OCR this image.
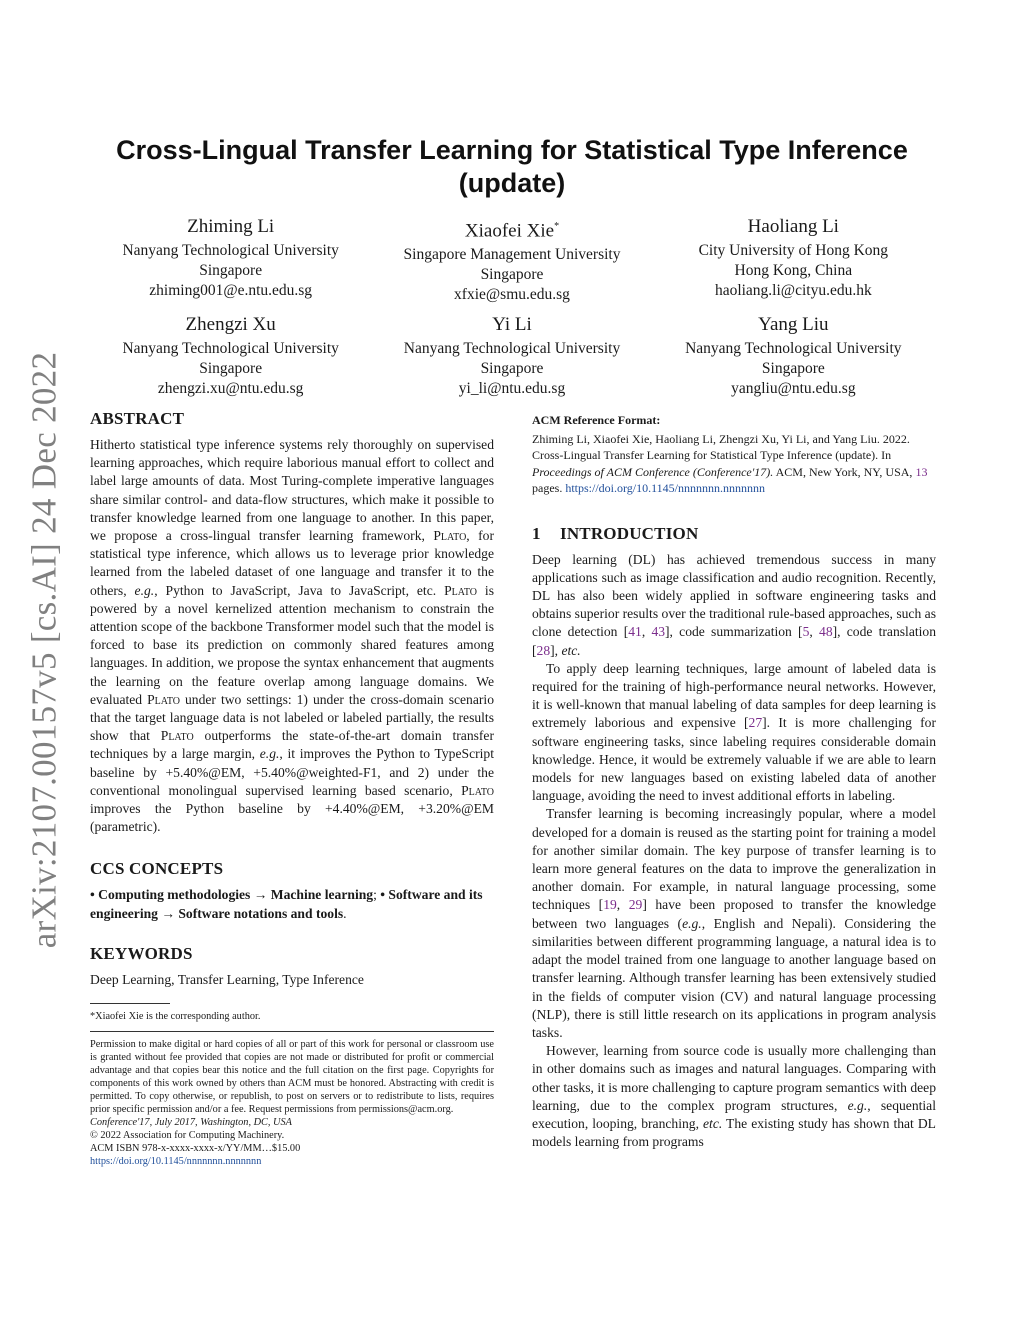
arXiv:2107.00157v5 [cs.AI] 24 Dec 2022
Cross-Lingual Transfer Learning for Statistical Type Inference
(update)
Zhiming Li
Nanyang Technological University
Singapore
zhiming001@e.ntu.edu.sg
Xiaofei Xie*
Singapore Management University
Singapore
xfxie@smu.edu.sg
Haoliang Li
City University of Hong Kong
Hong Kong, China
haoliang.li@cityu.edu.hk
Zhengzi Xu
Nanyang Technological University
Singapore
zhengzi.xu@ntu.edu.sg
Yi Li
Nanyang Technological University
Singapore
yi_li@ntu.edu.sg
Yang Liu
Nanyang Technological University
Singapore
yangliu@ntu.edu.sg
ABSTRACT

Hitherto statistical type inference systems rely thoroughly on supervised learning approaches, which require laborious manual effort to collect and label large amounts of data. Most Turing-complete imperative languages share similar control- and data-flow structures, which make it possible to transfer knowledge learned from one language to another. In this paper, we propose a cross-lingual transfer learning framework, Plato, for statistical type inference, which allows us to leverage prior knowledge learned from the labeled dataset of one language and transfer it to the others, e.g., Python to JavaScript, Java to JavaScript, etc. Plato is powered by a novel kernelized attention mechanism to constrain the attention scope of the backbone Transformer model such that the model is forced to base its prediction on commonly shared features among languages. In addition, we propose the syntax enhancement that augments the learning on the feature overlap among language domains. We evaluated Plato under two settings: 1) under the cross-domain scenario that the target language data is not labeled or labeled partially, the results show that Plato outperforms the state-of-the-art domain transfer techniques by a large margin, e.g., it improves the Python to TypeScript baseline by +5.40%@EM, +5.40%@weighted-F1, and 2) under the conventional monolingual supervised learning based scenario, Plato improves the Python baseline by +4.40%@EM, +3.20%@EM (parametric).

CCS CONCEPTS

• Computing methodologies → Machine learning; • Software and its engineering → Software notations and tools.

KEYWORDS

Deep Learning, Transfer Learning, Type Inference

*Xiaofei Xie is the corresponding author.

Permission to make digital or hard copies of all or part of this work for personal or classroom use is granted without fee provided that copies are not made or distributed for profit or commercial advantage and that copies bear this notice and the full citation on the first page. Copyrights for components of this work owned by others than ACM must be honored. Abstracting with credit is permitted. To copy otherwise, or republish, to post on servers or to redistribute to lists, requires prior specific permission and/or a fee. Request permissions from permissions@acm.org.

Conference'17, July 2017, Washington, DC, USA

© 2022 Association for Computing Machinery.

ACM ISBN 978-x-xxxx-xxxx-x/YY/MM…$15.00

https://doi.org/10.1145/nnnnnnn.nnnnnnn

ACM Reference Format:

Zhiming Li, Xiaofei Xie, Haoliang Li, Zhengzi Xu, Yi Li, and Yang Liu. 2022. Cross-Lingual Transfer Learning for Statistical Type Inference (update). In Proceedings of ACM Conference (Conference'17). ACM, New York, NY, USA, 13 pages. https://doi.org/10.1145/nnnnnnn.nnnnnnn

1 INTRODUCTION

Deep learning (DL) has achieved tremendous success in many applications such as image classification and audio recognition. Recently, DL has also been widely applied in software engineering tasks and obtains superior results over the traditional rule-based approaches, such as clone detection [41, 43], code summarization [5, 48], code translation [28], etc.

To apply deep learning techniques, large amount of labeled data is required for the training of high-performance neural networks. However, it is well-known that manual labeling of data samples for deep learning is extremely laborious and expensive [27]. It is more challenging for software engineering tasks, since labeling requires considerable domain knowledge. Hence, it would be extremely valuable if we are able to learn models for new languages based on existing labeled data of another language, avoiding the need to invest additional efforts in labeling.

Transfer learning is becoming increasingly popular, where a model developed for a domain is reused as the starting point for training a model for another similar domain. The key purpose of transfer learning is to learn more general features on the data to improve the generalization in another domain. For example, in natural language processing, some techniques [19, 29] have been proposed to transfer the knowledge between two languages (e.g., English and Nepali). Considering the similarities between different programming language, a natural idea is to adapt the model trained from one language to another language based on transfer learning. Although transfer learning has been extensively studied in the fields of computer vision (CV) and natural language processing (NLP), there is still little research on its applications in program analysis tasks.

However, learning from source code is usually more challenging than in other domains such as images and natural languages. Comparing with other tasks, it is more challenging to capture program semantics with deep learning, due to the complex program structures, e.g., sequential execution, looping, branching, etc. The existing study has shown that DL models learning from programs
